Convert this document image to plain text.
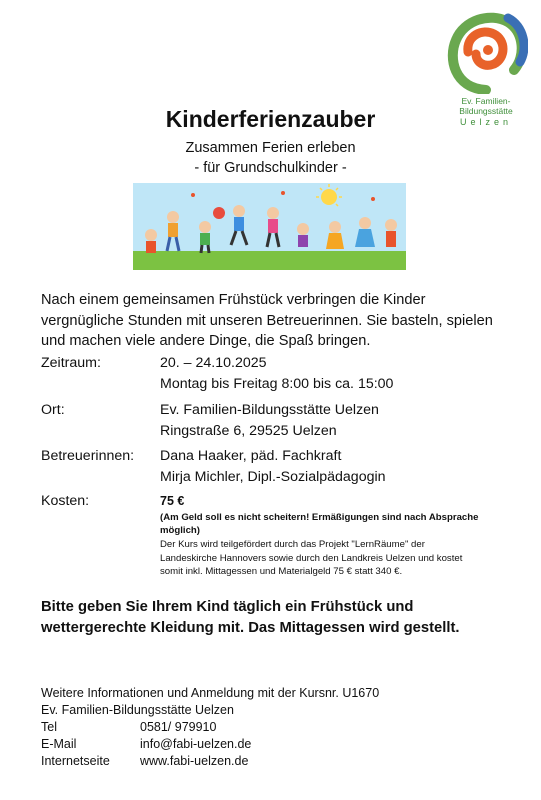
Ev. Familien-
Bildungsstätte
Uelzen
Kinderferienzauber
Zusammen Ferien erleben
- für Grundschulkinder -
Nach einem gemeinsamen Frühstück verbringen die Kinder vergnügliche Stunden mit unseren Betreuerinnen. Sie basteln, spielen und machen viele andere Dinge, die Spaß bringen.
Zeitraum:	20. – 24.10.2025
Montag bis Freitag 8:00 bis ca. 15:00
Ort:	Ev. Familien-Bildungsstätte Uelzen
Ringstraße 6, 29525 Uelzen
Betreuerinnen: Dana Haaker, päd. Fachkraft
Mirja Michler, Dipl.-Sozialpädagogin
Kosten:	75 €
(Am Geld soll es nicht scheitern! Ermäßigungen sind nach Absprache möglich)
Der Kurs wird teilgefördert durch das Projekt "LernRäume" der Landeskirche Hannovers sowie durch den Landkreis Uelzen und kostet somit inkl. Mittagessen und Materialgeld 75 € statt 340 €.
Bitte geben Sie Ihrem Kind täglich ein Frühstück und wettergerechte Kleidung mit. Das Mittagessen wird gestellt.
Weitere Informationen und Anmeldung mit der Kursnr. U1670
Ev. Familien-Bildungsstätte Uelzen
Tel	0581/ 979910
E-Mail	info@fabi-uelzen.de
Internetseite www.fabi-uelzen.de
